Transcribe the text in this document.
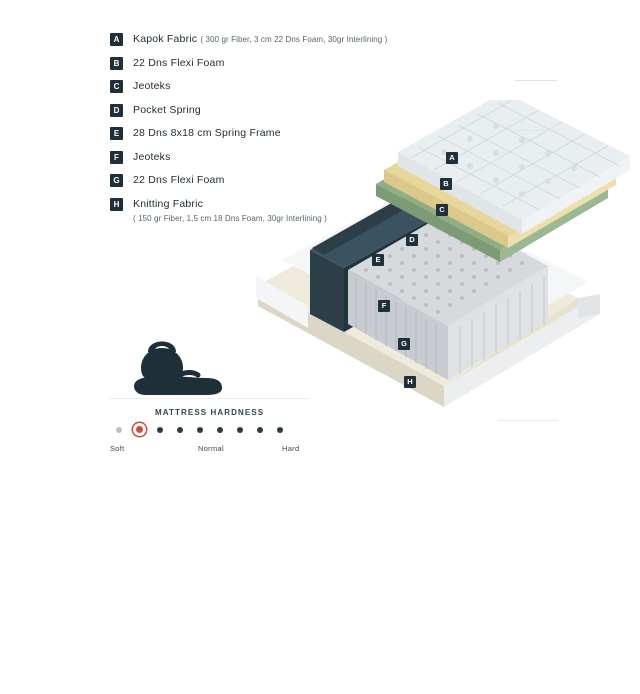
A	Kapok Fabric ( 300 gr Fiber, 3 cm 22 Dns Foam, 30gr Interlining )
B	22 Dns Flexi Foam
C	Jeoteks
D	Pocket Spring
E	28 Dns 8x18 cm Spring Frame
F	Jeoteks
G	22 Dns Flexi Foam
H	Knitting Fabric
( 150 gr Fiber, 1,5 cm 18 Dns Foam, 30gr Interlining )
280
kg
MATTRESS HARDNESS
Soft	Normal	Hard
A
B
C
D
E
F
G
H
